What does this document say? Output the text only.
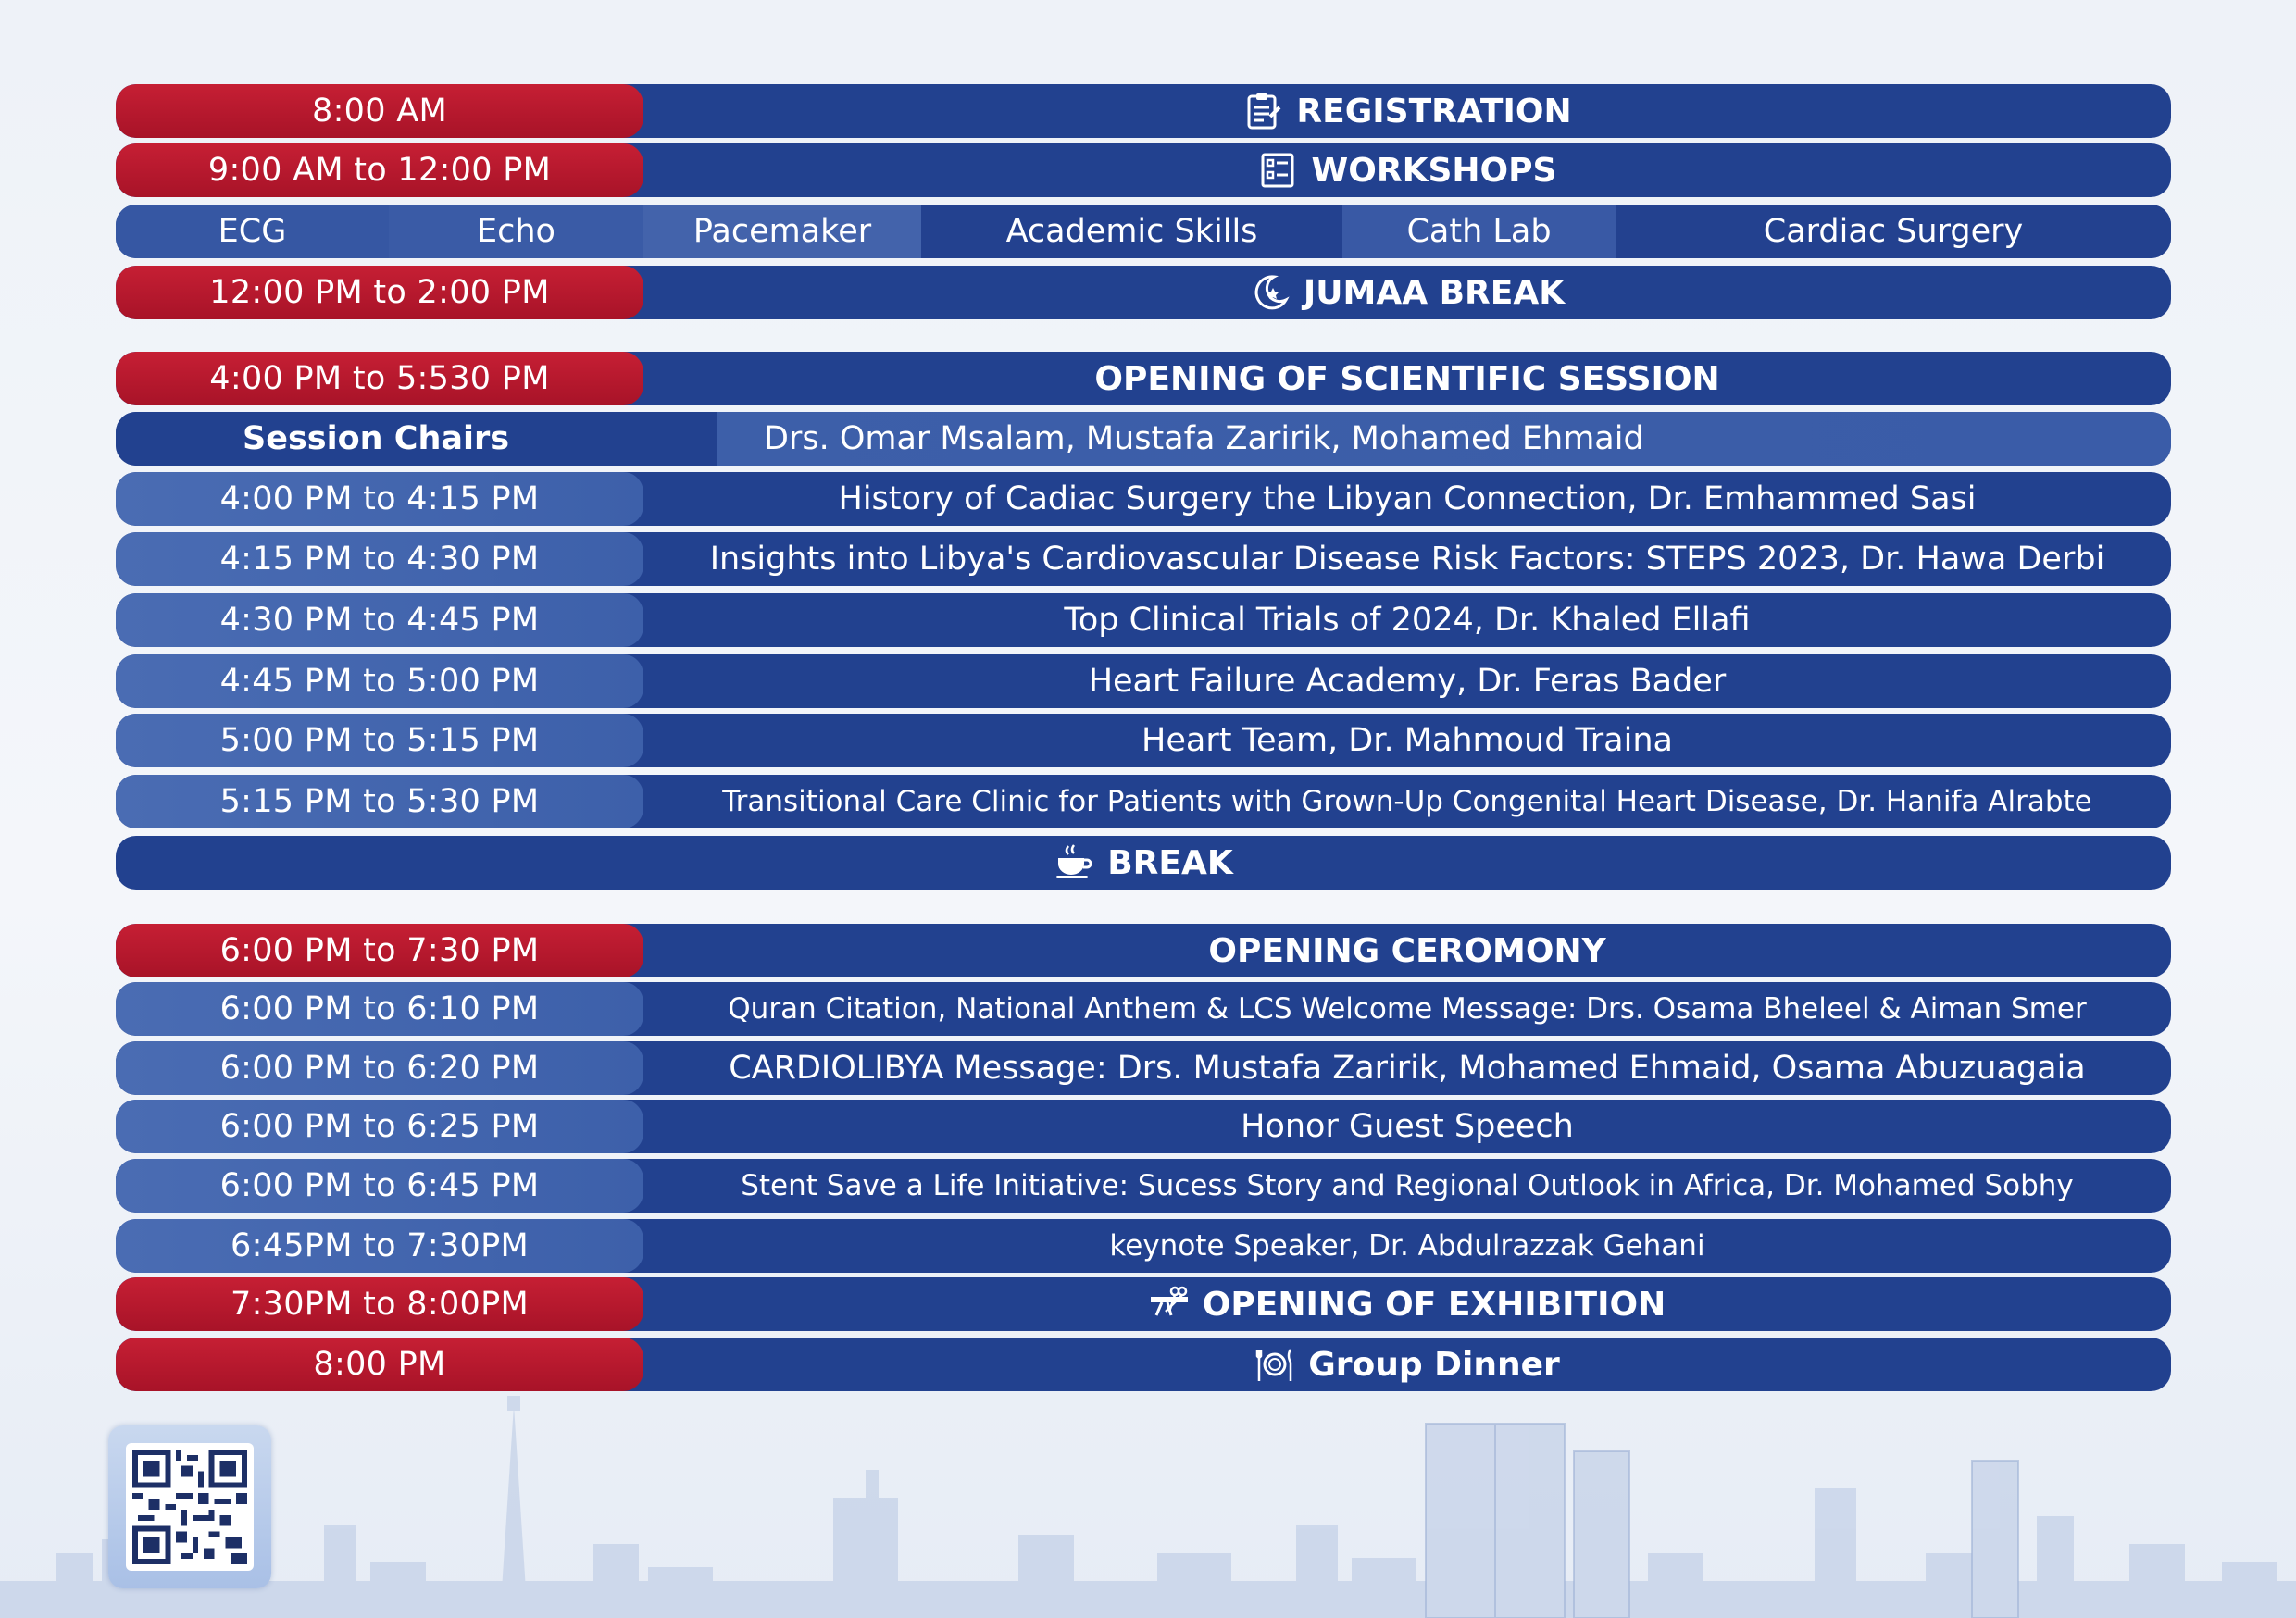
8:00 AM	REGISTRATION
9:00 AM to 12:00 PM	WORKSHOPS
ECG	Echo	Pacemaker	Academic Skills	Cath Lab	Cardiac Surgery
12:00 PM to 2:00 PM	JUMAA BREAK
4:00 PM to 5:530 PM	OPENING OF SCIENTIFIC SESSION
Session Chairs	Drs. Omar Msalam, Mustafa Zaririk, Mohamed Ehmaid
4:00 PM to 4:15 PM	History of Cadiac Surgery the Libyan Connection, Dr. Emhammed Sasi
4:15 PM to 4:30 PM	Insights into Libya's Cardiovascular Disease Risk Factors: STEPS 2023, Dr. Hawa Derbi
4:30 PM to 4:45 PM	Top Clinical Trials of 2024, Dr. Khaled Ellafi
4:45 PM to 5:00 PM	Heart Failure Academy, Dr. Feras Bader
5:00 PM to 5:15 PM	Heart Team, Dr. Mahmoud Traina
5:15 PM to 5:30 PM	Transitional Care Clinic for Patients with Grown-Up Congenital Heart Disease, Dr. Hanifa Alrabte
BREAK
6:00 PM to 7:30 PM	OPENING CEROMONY
6:00 PM to 6:10 PM	Quran Citation, National Anthem & LCS Welcome Message: Drs. Osama Bheleel & Aiman Smer
6:00 PM to 6:20 PM	CARDIOLIBYA Message: Drs. Mustafa Zaririk, Mohamed Ehmaid, Osama Abuzuagaia
6:00 PM to 6:25 PM	Honor Guest Speech
6:00 PM to 6:45 PM	Stent Save a Life Initiative: Sucess Story and Regional Outlook in Africa, Dr. Mohamed Sobhy
6:45PM to 7:30PM	keynote Speaker, Dr. Abdulrazzak Gehani
7:30PM to 8:00PM	OPENING OF EXHIBITION
8:00 PM	Group Dinner
